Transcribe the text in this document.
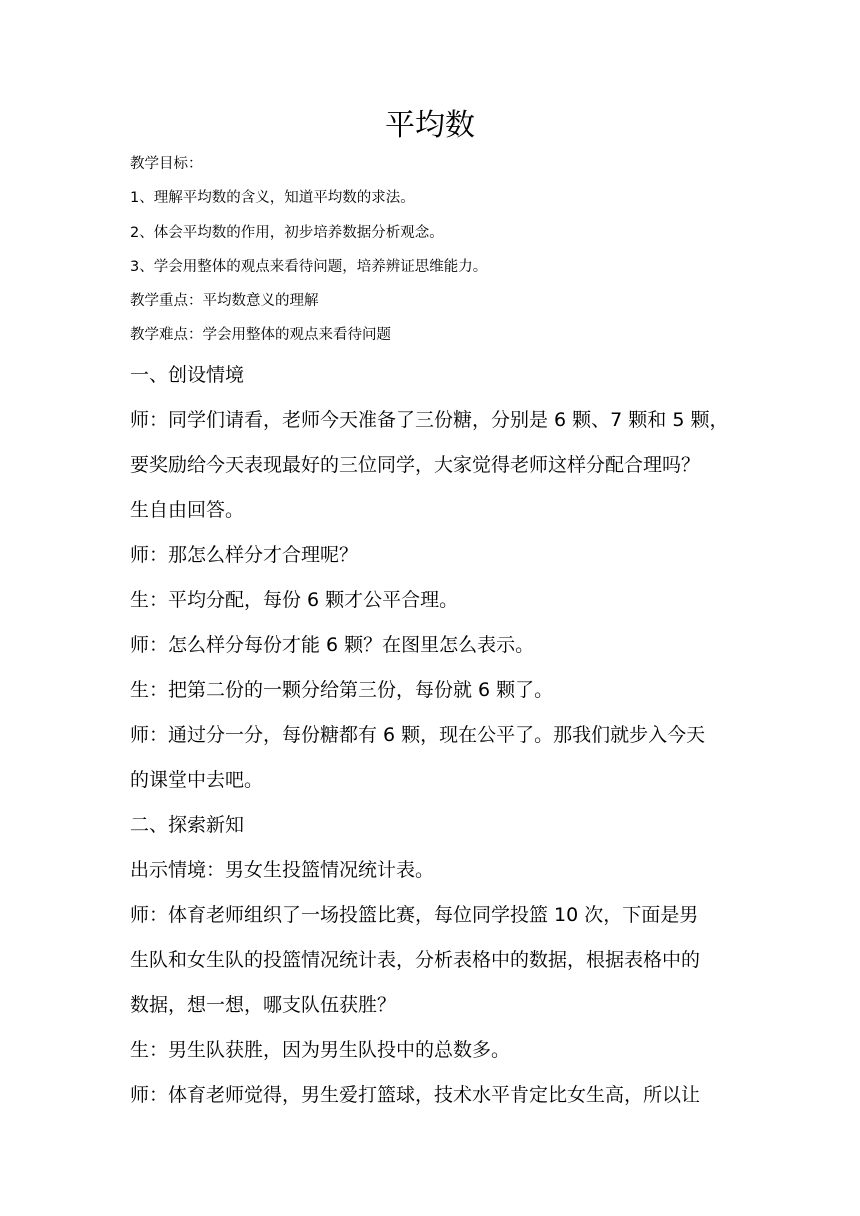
平均数
教学目标：
1、理解平均数的含义，知道平均数的求法。
2、体会平均数的作用，初步培养数据分析观念。
3、学会用整体的观点来看待问题，培养辨证思维能力。
教学重点：平均数意义的理解
教学难点：学会用整体的观点来看待问题
一、创设情境
师：同学们请看，老师今天准备了三份糖，分别是 6 颗、7 颗和 5 颗，
要奖励给今天表现最好的三位同学，大家觉得老师这样分配合理吗？
生自由回答。
师：那怎么样分才合理呢？
生：平均分配，每份 6 颗才公平合理。
师：怎么样分每份才能 6 颗？在图里怎么表示。
生：把第二份的一颗分给第三份，每份就 6 颗了。
师：通过分一分，每份糖都有 6 颗，现在公平了。那我们就步入今天
的课堂中去吧。
二、探索新知
出示情境：男女生投篮情况统计表。
师：体育老师组织了一场投篮比赛，每位同学投篮 10 次，下面是男
生队和女生队的投篮情况统计表，分析表格中的数据，根据表格中的
数据，想一想，哪支队伍获胜？
生：男生队获胜，因为男生队投中的总数多。
师：体育老师觉得，男生爱打篮球，技术水平肯定比女生高，所以让
